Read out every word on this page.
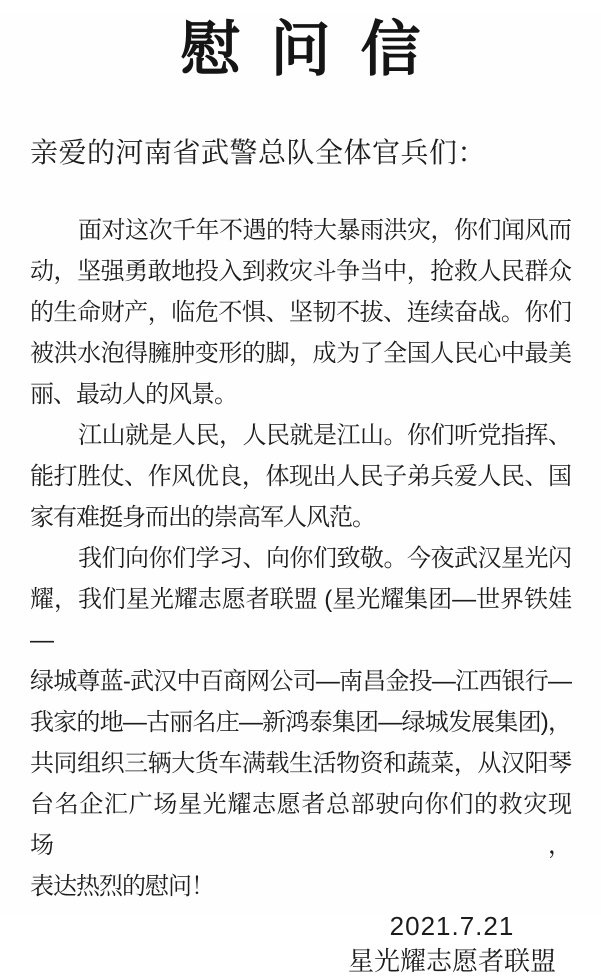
慰问信

亲爱的河南省武警总队全体官兵们：

面对这次千年不遇的特大暴雨洪灾，你们闻风而
动，坚强勇敢地投入到救灾斗争当中，抢救人民群众
的生命财产，临危不惧、坚韧不拔、连续奋战。你们
被洪水泡得臃肿变形的脚，成为了全国人民心中最美
丽、最动人的风景。
江山就是人民，人民就是江山。你们听党指挥、
能打胜仗、作风优良，体现出人民子弟兵爱人民、国
家有难挺身而出的崇高军人风范。
我们向你们学习、向你们致敬。今夜武汉星光闪
耀，我们星光耀志愿者联盟 (星光耀集团—世界铁娃—
绿城尊蓝-武汉中百商网公司—南昌金投—江西银行—
我家的地—古丽名庄—新鸿泰集团—绿城发展集团)，
共同组织三辆大货车满载生活物资和蔬菜，从汉阳琴
台名企汇广场星光耀志愿者总部驶向你们的救灾现场，
表达热烈的慰问！
2021.7.21
星光耀志愿者联盟
